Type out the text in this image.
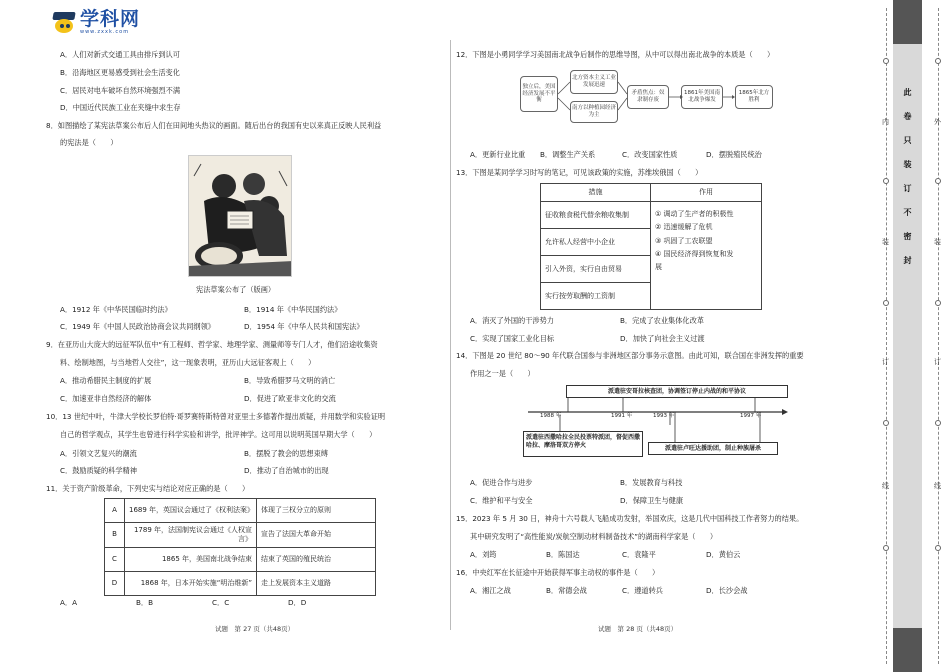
学科网
www.zxxk.com
A．人们对新式交通工具由排斥到认可
B．沿海地区更易感受到社会生活变化
C．居民对电车破坏自然环境强烈不满
D．中国近代民族工业在夹缝中求生存
8．如图描绘了某宪法草案公布后人们在田间地头热议的画面。随后出台的我国有史以来真正反映人民利益
的宪法是（　　）
宪法草案公布了（版画）
A．1912 年《中华民国临时约法》	B．1914 年《中华民国约法》
C．1949 年《中国人民政治协商会议共同纲领》	D．1954 年《中华人民共和国宪法》
9．在亚历山大庞大的远征军队伍中“有工程师、哲学家、地理学家、测量师等专门人才，他们沿途收集资
料、绘制地图，与当地哲人交往”，这一现象表明，亚历山大远征客观上（　　）
A．推动希腊民主制度的扩展	B．导致希腊罗马文明的消亡
C．加速亚非自然经济的解体	D．促进了欧亚非文化的交流
10．13 世纪中叶，牛津大学校长罗伯特·哥罗赛特斯特曾对亚里士多德著作提出质疑，并用数学和实验证明
自己的哲学观点，其学生也曾进行科学实验和讲学，批评神学。这可用以说明英国早期大学（　　）
A．引领文艺复兴的潮流	B．摆脱了教会的思想束缚
C．鼓励质疑的科学精神	D．推动了自治城市的出现
11．关于资产阶级革命，下列史实与结论对应正确的是（　　）
A	1689 年，英国议会通过了《权利法案》	体现了三权分立的原则
B	1789 年，法国制宪议会通过《人权宣言》	宣告了法国大革命开始
C	1865 年，美国南北战争结束	结束了英国的殖民统治
D	1868 年，日本开始实施“明治维新”	走上发展资本主义道路
A．A	B．B	C．C	D．D
试题　第 27 页（共48页）
12．下图是小勇同学学习美国南北战争后制作的思维导图，从中可以得出南北战争的本质是（　　）
独立后，美国经济发展不平衡
北方资本主义工业发展迅速
南方以种植园经济为主
矛盾焦点：奴隶制存废
1861年美国南北战争爆发
1865年北方胜利
A．更新行业比重 B．调整生产关系	C．改变国家性质	D．摆脱殖民统治
13．下图是某同学学习时写的笔记，可见该政策的实施，苏维埃俄国（　　）
措施	作用
征收粮食税代替余粮收集制	① 调动了生产者的积极性
② 迅速缓解了危机
③ 巩固了工农联盟
④ 国民经济得到恢复和发
展

允许私人经营中小企业	
引入外资，实行自由贸易	
实行按劳取酬的工资制	
A．消灭了外国的干涉势力	B．完成了农业集体化改革
C．实现了国家工业化目标	D．加快了向社会主义过渡
14．下图是 20 世纪 80～90 年代联合国参与非洲地区部分事务示意图。由此可知，联合国在非洲发挥的重要
作用之一是（　　）
派遣驻安哥拉核查团，协调签订停止内战的和平协议
1988 年	1991 年	1993 年	1997 年
派遣驻西撒哈拉全民投票特派团，督促西撒哈拉、摩洛哥双方停火	派遣驻卢旺达援助团，制止种族屠杀
A．促进合作与进步	B．发展教育与科技
C．维护和平与安全	D．保障卫生与健康
15．2023 年 5 月 30 日，神舟十六号载人飞船成功发射，举国欢庆，这是几代中国科技工作者努力的结果。
其中研究发明了“高性能炭/炭航空制动材料制备技术”的湖南科学家是（　　）
A．刘筠	B．陈国达	C．袁隆平	D．黄伯云
16．中央红军在长征途中开始获得军事主动权的事件是（　　）
A．湘江之战	B．常德会战	C．遵道转兵	D．长沙会战
试题　第 28 页（共48页）
内
装
订
线
外
装
订
线
此
卷
只
装
订
不
密
封
